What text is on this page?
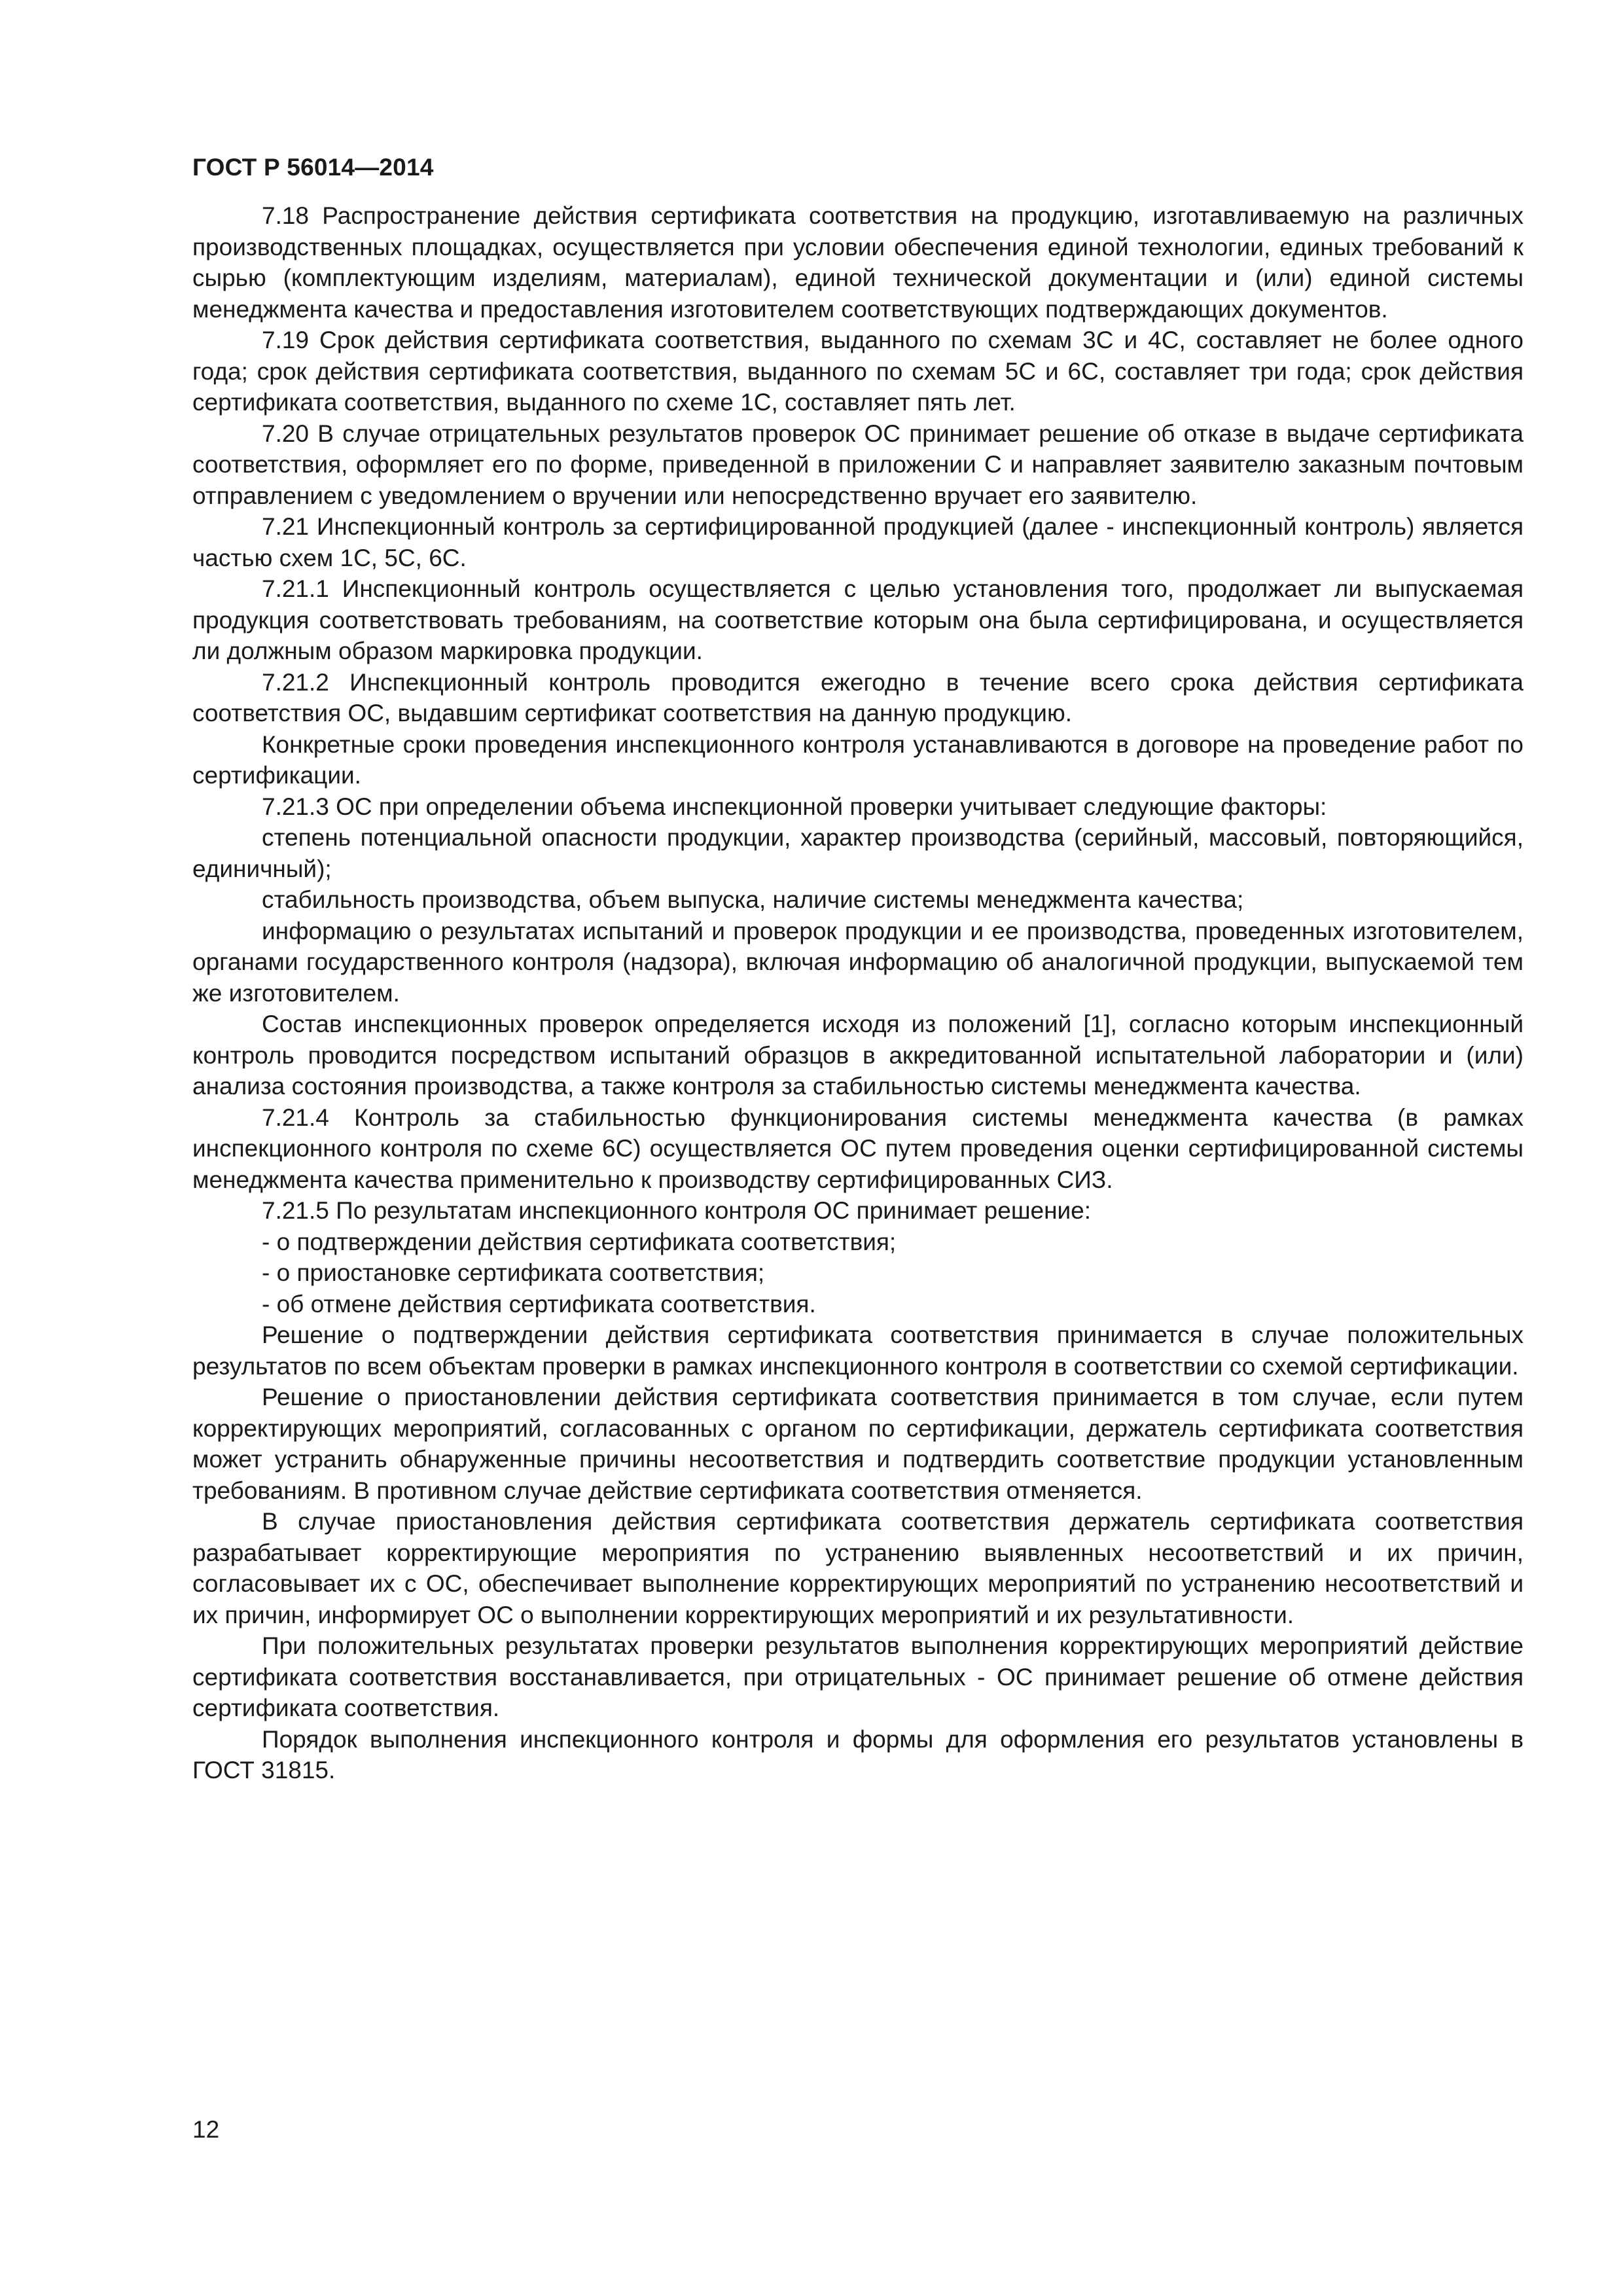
ГОСТ Р 56014—2014

7.18 Распространение действия сертификата соответствия на продукцию, изготавливаемую на различных производственных площадках, осуществляется при условии обеспечения единой технологии, единых требований к сырью (комплектующим изделиям, материалам), единой технической документации и (или) единой системы менеджмента качества и предоставления изготовителем соответствующих подтверждающих документов.

7.19 Срок действия сертификата соответствия, выданного по схемам 3С и 4С, составляет не более одного года; срок действия сертификата соответствия, выданного по схемам 5С и 6С, составляет три года; срок действия сертификата соответствия, выданного по схеме 1С, составляет пять лет.

7.20 В случае отрицательных результатов проверок ОС принимает решение об отказе в выдаче сертификата соответствия, оформляет его по форме, приведенной в приложении С и направляет заявителю заказным почтовым отправлением с уведомлением о вручении или непосредственно вручает его заявителю.

7.21 Инспекционный контроль за сертифицированной продукцией (далее - инспекционный контроль) является частью схем 1С, 5С, 6С.

7.21.1 Инспекционный контроль осуществляется с целью установления того, продолжает ли выпускаемая продукция соответствовать требованиям, на соответствие которым она была сертифицирована, и осуществляется ли должным образом маркировка продукции.

7.21.2 Инспекционный контроль проводится ежегодно в течение всего срока действия сертификата соответствия ОС, выдавшим сертификат соответствия на данную продукцию.

Конкретные сроки проведения инспекционного контроля устанавливаются в договоре на проведение работ по сертификации.

7.21.3 ОС при определении объема инспекционной проверки учитывает следующие факторы:

степень потенциальной опасности продукции, характер производства (серийный, массовый, повторяющийся, единичный);

стабильность производства, объем выпуска, наличие системы менеджмента качества;

информацию о результатах испытаний и проверок продукции и ее производства, проведенных изготовителем, органами государственного контроля (надзора), включая информацию об аналогичной продукции, выпускаемой тем же изготовителем.

Состав инспекционных проверок определяется исходя из положений [1], согласно которым инспекционный контроль проводится посредством испытаний образцов в аккредитованной испытательной лаборатории и (или) анализа состояния производства, а также контроля за стабильностью системы менеджмента качества.

7.21.4 Контроль за стабильностью функционирования системы менеджмента качества (в рамках инспекционного контроля по схеме 6С) осуществляется ОС путем проведения оценки сертифицированной системы менеджмента качества применительно к производству сертифицированных СИЗ.

7.21.5 По результатам инспекционного контроля ОС принимает решение:

- о подтверждении действия сертификата соответствия;

- о приостановке сертификата соответствия;

- об отмене действия сертификата соответствия.

Решение о подтверждении действия сертификата соответствия принимается в случае положительных результатов по всем объектам проверки в рамках инспекционного контроля в соответствии со схемой сертификации.

Решение о приостановлении действия сертификата соответствия принимается в том случае, если путем корректирующих мероприятий, согласованных с органом по сертификации, держатель сертификата соответствия может устранить обнаруженные причины несоответствия и подтвердить соответствие продукции установленным требованиям. В противном случае действие сертификата соответствия отменяется.

В случае приостановления действия сертификата соответствия держатель сертификата соответствия разрабатывает корректирующие мероприятия по устранению выявленных несоответствий и их причин, согласовывает их с ОС, обеспечивает выполнение корректирующих мероприятий по устранению несоответствий и их причин, информирует ОС о выполнении корректирующих мероприятий и их результативности.

При положительных результатах проверки результатов выполнения корректирующих мероприятий действие сертификата соответствия восстанавливается, при отрицательных - ОС принимает решение об отмене действия сертификата соответствия.

Порядок выполнения инспекционного контроля и формы для оформления его результатов установлены в ГОСТ 31815.

12
